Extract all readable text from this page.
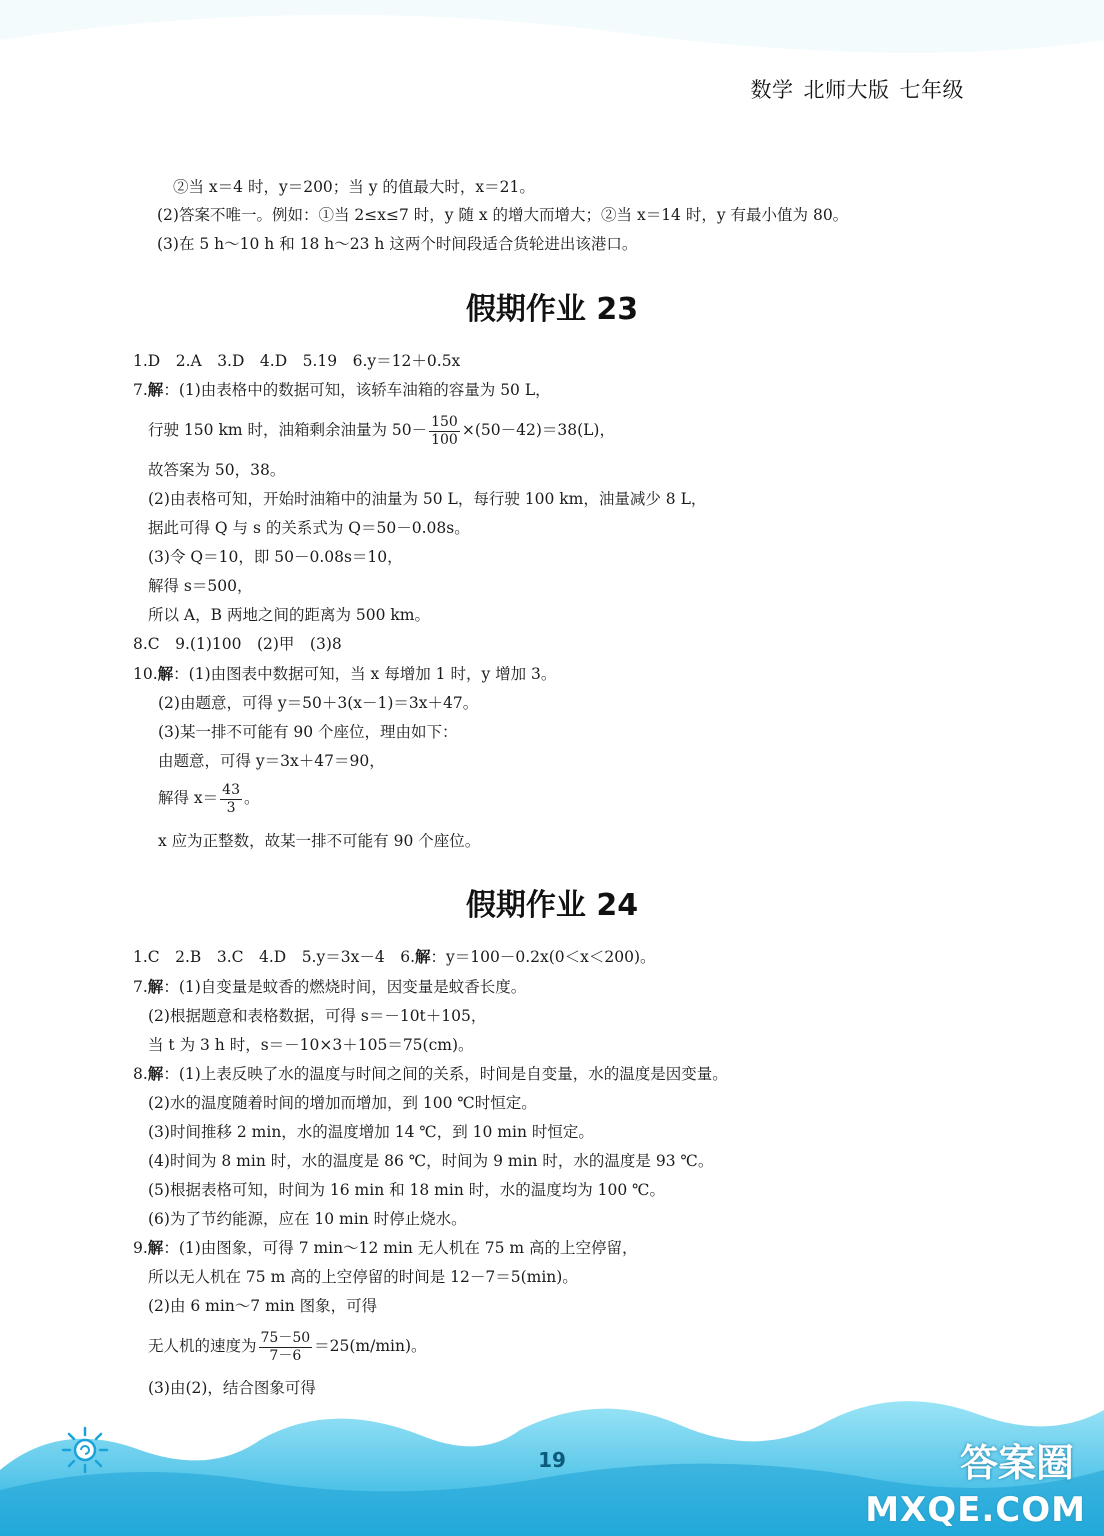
数学 北师大版 七年级
②当 x＝4 时，y＝200；当 y 的值最大时，x＝21。
(2)答案不唯一。例如：①当 2≤x≤7 时，y 随 x 的增大而增大；②当 x＝14 时，y 有最小值为 80。
(3)在 5 h～10 h 和 18 h～23 h 这两个时间段适合货轮进出该港口。
假期作业 23
1.D　2.A　3.D　4.D　5.19　6.y＝12＋0.5x
7.解：(1)由表格中的数据可知，该轿车油箱的容量为 50 L，
行驶 150 km 时，油箱剩余油量为 $50- \frac{150}{100} \times(50-42)=38(L)$，
故答案为 50，38。
(2)由表格可知，开始时油箱中的油量为 50 L，每行驶 100 km，油量减少 8 L，
据此可得 Q 与 s 的关系式为 Q＝50－0.08s。
(3)令 Q＝10，即 50－0.08s＝10，
解得 s＝500，
所以 A，B 两地之间的距离为 500 km。
8.C　9.(1)100　(2)甲　(3)8
10.解：(1)由图表中数据可知，当 x 每增加 1 时，y 增加 3。
(2)由题意，可得 y＝50＋3(x－1)＝3x＋47。
(3)某一排不可能有 90 个座位，理由如下：
由题意，可得 y＝3x＋47＝90，
解得 $x= \frac{43}{3}$ 。
x 应为正整数，故某一排不可能有 90 个座位。
假期作业 24
1.C　2.B　3.C　4.D　5.y＝3x－4　6.解：y＝100－0.2x(0＜x＜200)。
7.解：(1)自变量是蚊香的燃烧时间，因变量是蚊香长度。
(2)根据题意和表格数据，可得 s＝－10t＋105，
当 t 为 3 h 时，s＝－10×3＋105＝75(cm)。
8.解：(1)上表反映了水的温度与时间之间的关系，时间是自变量，水的温度是因变量。
(2)水的温度随着时间的增加而增加，到 100 ℃时恒定。
(3)时间推移 2 min，水的温度增加 14 ℃，到 10 min 时恒定。
(4)时间为 8 min 时，水的温度是 86 ℃，时间为 9 min 时，水的温度是 93 ℃。
(5)根据表格可知，时间为 16 min 和 18 min 时，水的温度均为 100 ℃。
(6)为了节约能源，应在 10 min 时停止烧水。
9.解：(1)由图象，可得 7 min～12 min 无人机在 75 m 高的上空停留，
所以无人机在 75 m 高的上空停留的时间是 12－7＝5(min)。
(2)由 6 min～7 min 图象，可得
无人机的速度为 $\frac{75-50}{7-6} =25(m/\min)$。
(3)由(2)，结合图象可得
19	答案圈
MXQE.COM
